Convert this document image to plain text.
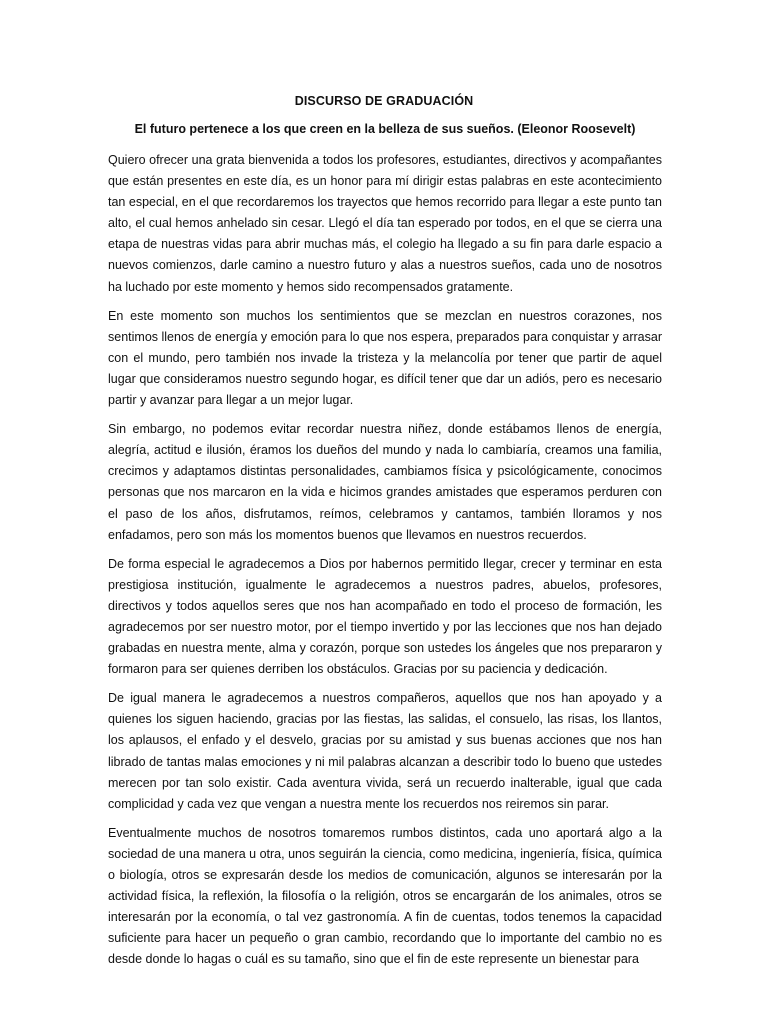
DISCURSO DE GRADUACIÓN
El futuro pertenece a los que creen en la belleza de sus sueños. (Eleonor Roosevelt)

Quiero ofrecer una grata bienvenida a todos los profesores, estudiantes, directivos y acompañantes que están presentes en este día, es un honor para mí dirigir estas palabras en este acontecimiento tan especial, en el que recordaremos los trayectos que hemos recorrido para llegar a este punto tan alto, el cual hemos anhelado sin cesar. Llegó el día tan esperado por todos, en el que se cierra una etapa de nuestras vidas para abrir muchas más, el colegio ha llegado a su fin para darle espacio a nuevos comienzos, darle camino a nuestro futuro y alas a nuestros sueños, cada uno de nosotros ha luchado por este momento y hemos sido recompensados gratamente.

En este momento son muchos los sentimientos que se mezclan en nuestros corazones, nos sentimos llenos de energía y emoción para lo que nos espera, preparados para conquistar y arrasar con el mundo, pero también nos invade la tristeza y la melancolía por tener que partir de aquel lugar que consideramos nuestro segundo hogar, es difícil tener que dar un adiós, pero es necesario partir y avanzar para llegar a un mejor lugar.

Sin embargo, no podemos evitar recordar nuestra niñez, donde estábamos llenos de energía, alegría, actitud e ilusión, éramos los dueños del mundo y nada lo cambiaría, creamos una familia, crecimos y adaptamos distintas personalidades, cambiamos física y psicológicamente, conocimos personas que nos marcaron en la vida e hicimos grandes amistades que esperamos perduren con el paso de los años, disfrutamos, reímos, celebramos y cantamos, también lloramos y nos enfadamos, pero son más los momentos buenos que llevamos en nuestros recuerdos.

De forma especial le agradecemos a Dios por habernos permitido llegar, crecer y terminar en esta prestigiosa institución, igualmente le agradecemos a nuestros padres, abuelos, profesores, directivos y todos aquellos seres que nos han acompañado en todo el proceso de formación, les agradecemos por ser nuestro motor, por el tiempo invertido y por las lecciones que nos han dejado grabadas en nuestra mente, alma y corazón, porque son ustedes los ángeles que nos prepararon y formaron para ser quienes derriben los obstáculos. Gracias por su paciencia y dedicación.

De igual manera le agradecemos a nuestros compañeros, aquellos que nos han apoyado y a quienes los siguen haciendo, gracias por las fiestas, las salidas, el consuelo, las risas, los llantos, los aplausos, el enfado y el desvelo, gracias por su amistad y sus buenas acciones que nos han librado de tantas malas emociones y ni mil palabras alcanzan a describir todo lo bueno que ustedes merecen por tan solo existir. Cada aventura vivida, será un recuerdo inalterable, igual que cada complicidad y cada vez que vengan a nuestra mente los recuerdos nos reiremos sin parar.

Eventualmente muchos de nosotros tomaremos rumbos distintos, cada uno aportará algo a la sociedad de una manera u otra, unos seguirán la ciencia, como medicina, ingeniería, física, química o biología, otros se expresarán desde los medios de comunicación, algunos se interesarán por la actividad física, la reflexión, la filosofía o la religión, otros se encargarán de los animales, otros se interesarán por la economía, o tal vez gastronomía. A fin de cuentas, todos tenemos la capacidad suficiente para hacer un pequeño o gran cambio, recordando que lo importante del cambio no es desde donde lo hagas o cuál es su tamaño, sino que el fin de este represente un bienestar para
